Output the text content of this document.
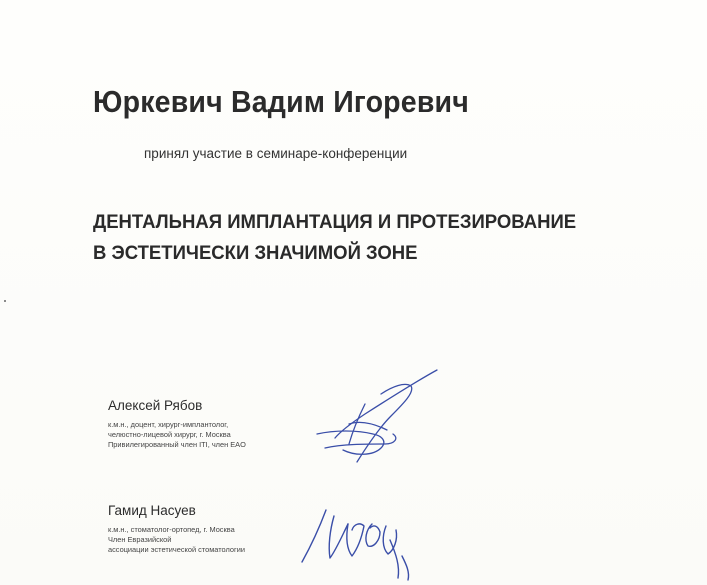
Юркевич Вадим Игоревич
принял участие в семинаре-конференции
ДЕНТАЛЬНАЯ ИМПЛАНТАЦИЯ И ПРОТЕЗИРОВАНИЕ
В ЭСТЕТИЧЕСКИ ЗНАЧИМОЙ ЗОНЕ
Алексей Рябов
к.м.н., доцент, хирург-имплантолог,
челюстно-лицевой хирург, г. Москва
Привилегированный член ITI, член EAO
Гамид Насуев
к.м.н., стоматолог-ортопед, г. Москва
Член Евразийской
ассоциации эстетической стоматологии
